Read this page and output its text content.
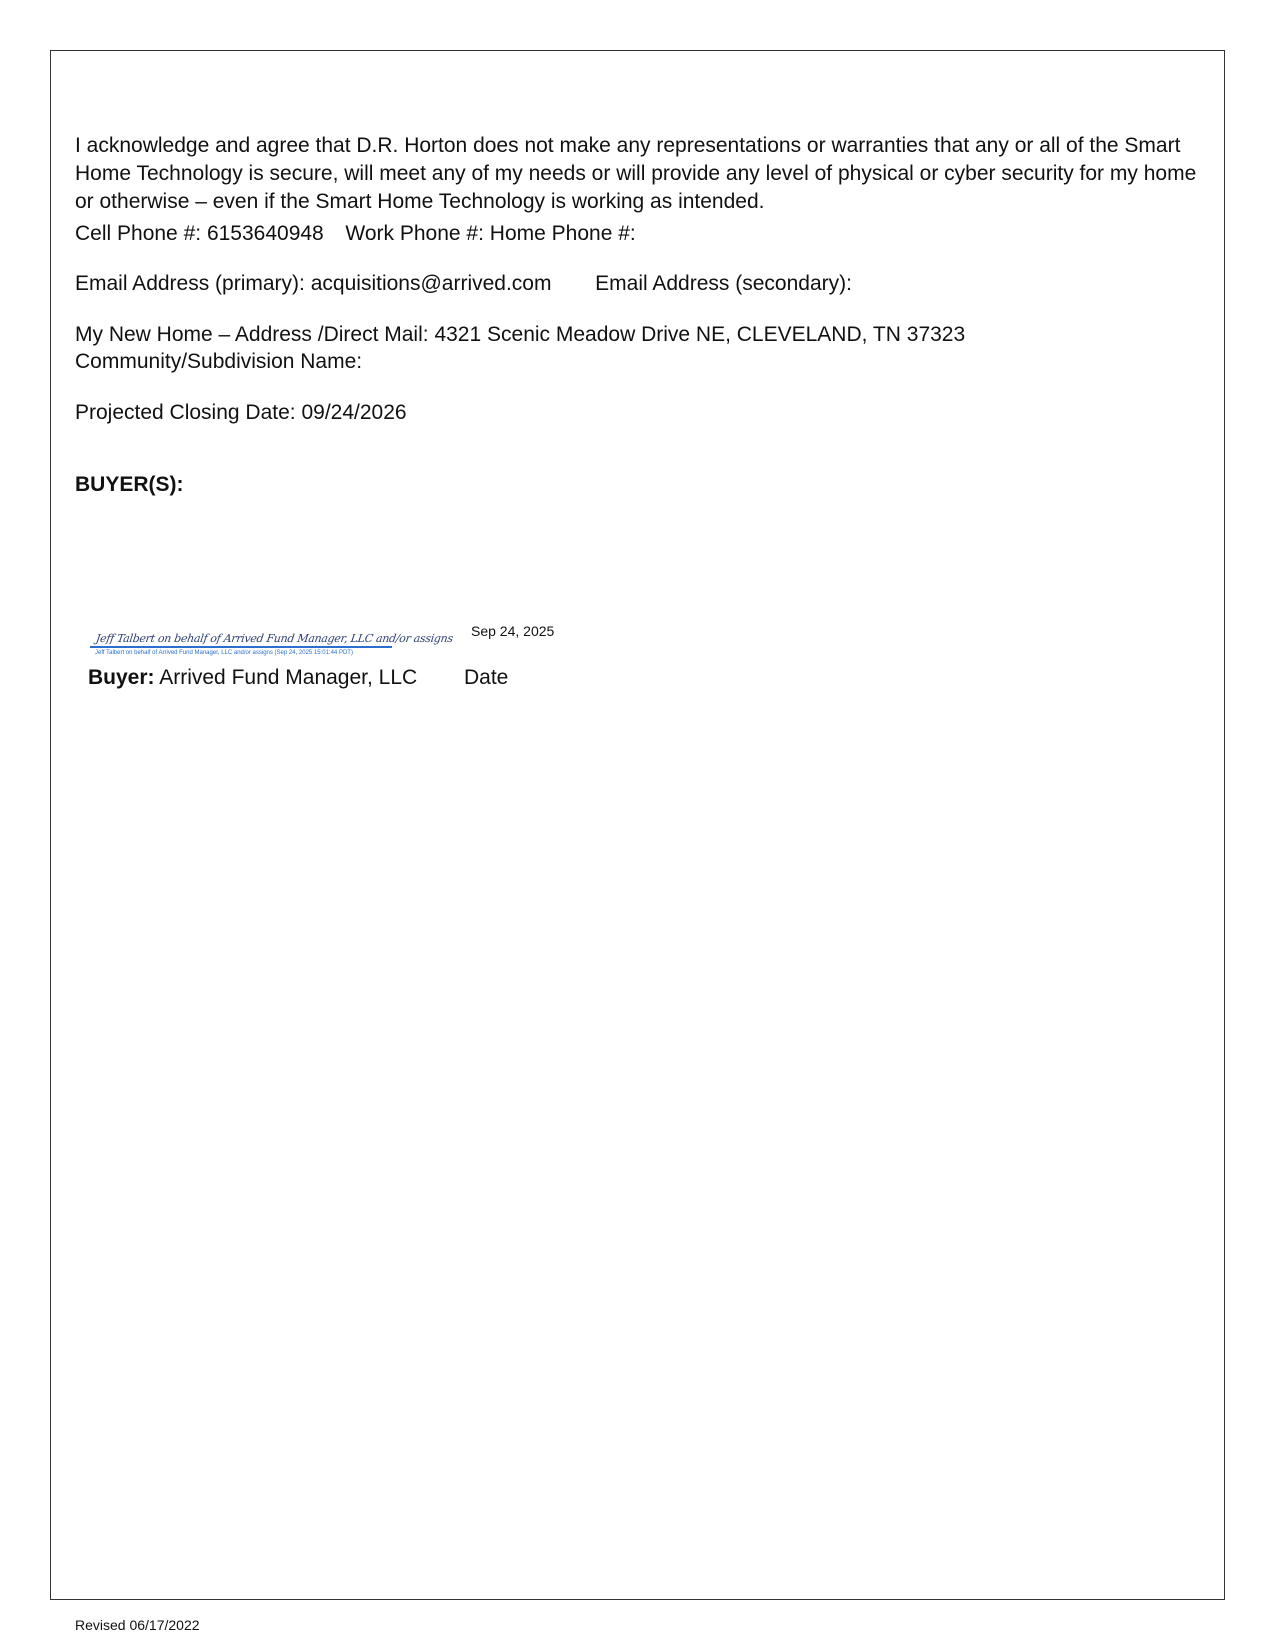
I acknowledge and agree that D.R. Horton does not make any representations or warranties that any or all of the Smart Home Technology is secure, will meet any of my needs or will provide any level of physical or cyber security for my home or otherwise – even if the Smart Home Technology is working as intended.

Cell Phone #: 6153640948 Work Phone #: Home Phone #:
Email Address (primary): acquisitions@arrived.com Email Address (secondary):
My New Home – Address /Direct Mail: 4321 Scenic Meadow Drive NE, CLEVELAND, TN 37323
Community/Subdivision Name:
Projected Closing Date: 09/24/2026
BUYER(S):
Sep 24, 2025
Jeff Talbert on behalf of Arrived Fund Manager, LLC and/or assigns
Jeff Talbert on behalf of Arrived Fund Manager, LLC and/or assigns (Sep 24, 2025 15:01:44 PDT)
Buyer: Arrived Fund Manager, LLC Date
Revised 06/17/2022
